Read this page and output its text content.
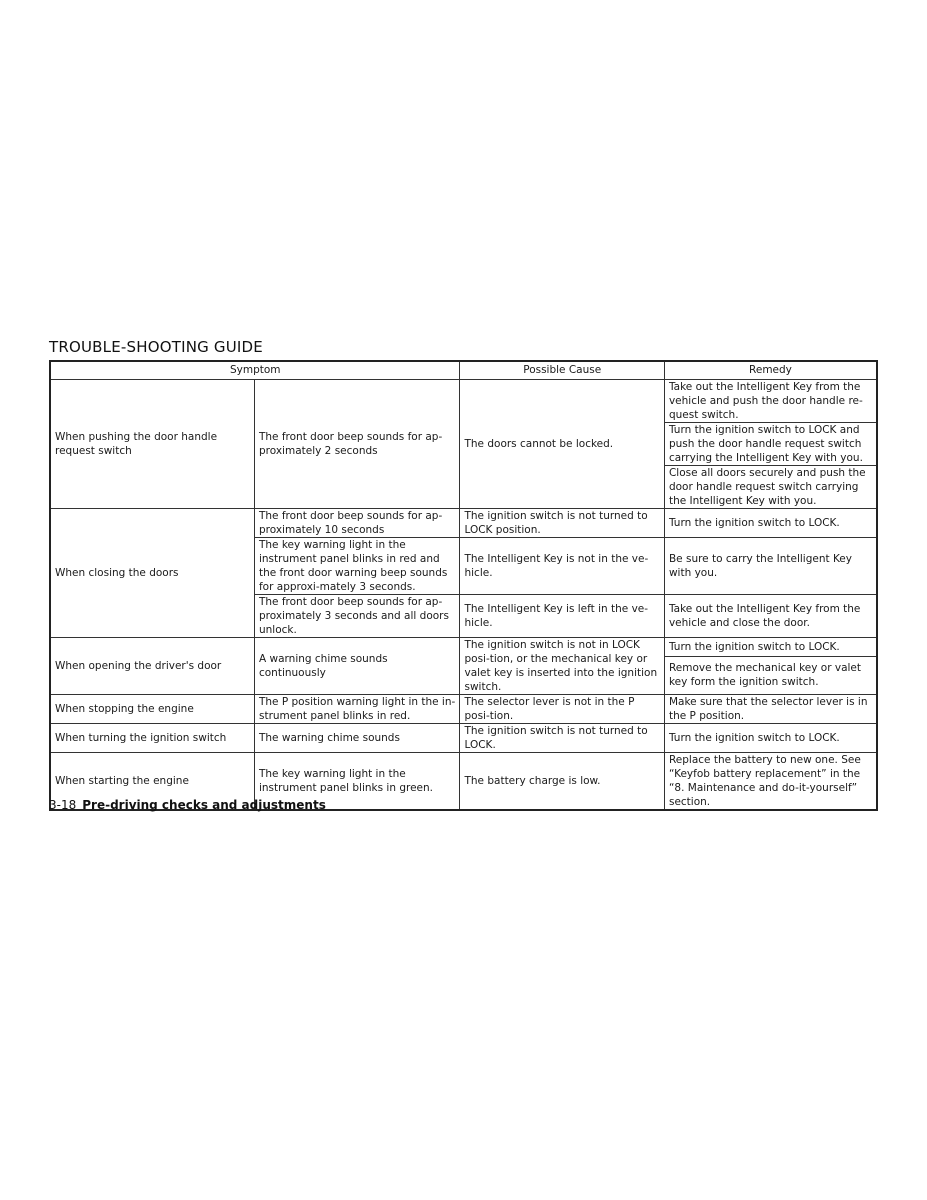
TROUBLE-SHOOTING GUIDE
Symptom		Possible Cause	Remedy
When pushing the door handle request switch	The front door beep sounds for ap-proximately 2 seconds	The doors cannot be locked.	Take out the Intelligent Key from the vehicle and push the door handle re-quest switch.
			Turn the ignition switch to LOCK and push the door handle request switch carrying the Intelligent Key with you.
			Close all doors securely and push the door handle request switch carrying the Intelligent Key with you.
When closing the doors	The front door beep sounds for ap-proximately 10 seconds	The ignition switch is not turned to LOCK position.	Turn the ignition switch to LOCK.
	The key warning light in the instrument panel blinks in red and the front door warning beep sounds for approxi-mately 3 seconds.	The Intelligent Key is not in the ve-hicle.	Be sure to carry the Intelligent Key with you.
	The front door beep sounds for ap-proximately 3 seconds and all doors unlock.	The Intelligent Key is left in the ve-hicle.	Take out the Intelligent Key from the vehicle and close the door.
When opening the driver's door	A warning chime sounds continuously	The ignition switch is not in LOCK posi-tion, or the mechanical key or valet key is inserted into the ignition switch.	Turn the ignition switch to LOCK.
			Remove the mechanical key or valet key form the ignition switch.
When stopping the engine	The P position warning light in the in-strument panel blinks in red.	The selector lever is not in the P posi-tion.	Make sure that the selector lever is in the P position.
When turning the ignition switch	The warning chime sounds	The ignition switch is not turned to LOCK.	Turn the ignition switch to LOCK.
When starting the engine	The key warning light in the instrument panel blinks in green.	The battery charge is low.	Replace the battery to new one. See “Keyfob battery replacement” in the “8. Maintenance and do-it-yourself” section.
3-18 Pre-driving checks and adjustments
